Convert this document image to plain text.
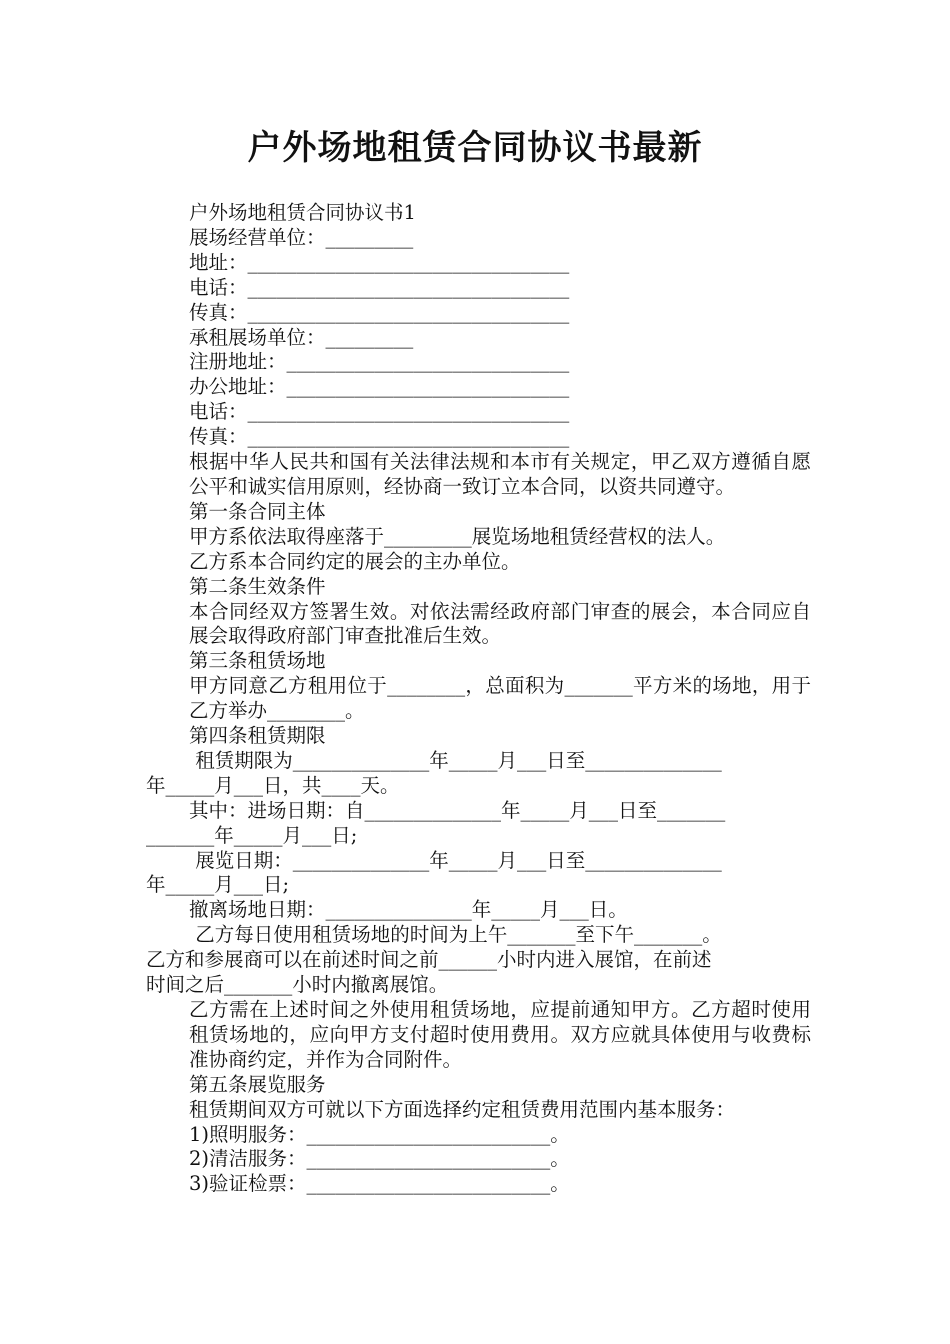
户外场地租赁合同协议书最新

户外场地租赁合同协议书1

展场经营单位：_________

地址：_________________________________

电话：_________________________________

传真：_________________________________

承租展场单位：_________

注册地址：_____________________________

办公地址：_____________________________

电话：_________________________________

传真：_________________________________

根据中华人民共和国有关法律法规和本市有关规定，甲乙双方遵循自愿公平和诚实信用原则，经协商一致订立本合同，以资共同遵守。

第一条合同主体

甲方系依法取得座落于_________展览场地租赁经营权的法人。

乙方系本合同约定的展会的主办单位。

第二条生效条件

本合同经双方签署生效。对依法需经政府部门审查的展会，本合同应自展会取得政府部门审查批准后生效。

第三条租赁场地

甲方同意乙方租用位于________，总面积为_______平方米的场地，用于乙方举办________。

第四条租赁期限

租赁期限为______________年_____月___日至______________

年_____月___日，共____天。

其中：进场日期：自______________年_____月___日至_______

_______年_____月___日;

展览日期：______________年_____月___日至______________

年_____月___日;

撤离场地日期：_______________年_____月___日。

乙方每日使用租赁场地的时间为上午_______至下午_______。

乙方和参展商可以在前述时间之前______小时内进入展馆，在前述

时间之后_______小时内撤离展馆。

乙方需在上述时间之外使用租赁场地，应提前通知甲方。乙方超时使用租赁场地的，应向甲方支付超时使用费用。双方应就具体使用与收费标准协商约定，并作为合同附件。

第五条展览服务

租赁期间双方可就以下方面选择约定租赁费用范围内基本服务：

1)照明服务：_________________________。

2)清洁服务：_________________________。

3)验证检票：_________________________。
